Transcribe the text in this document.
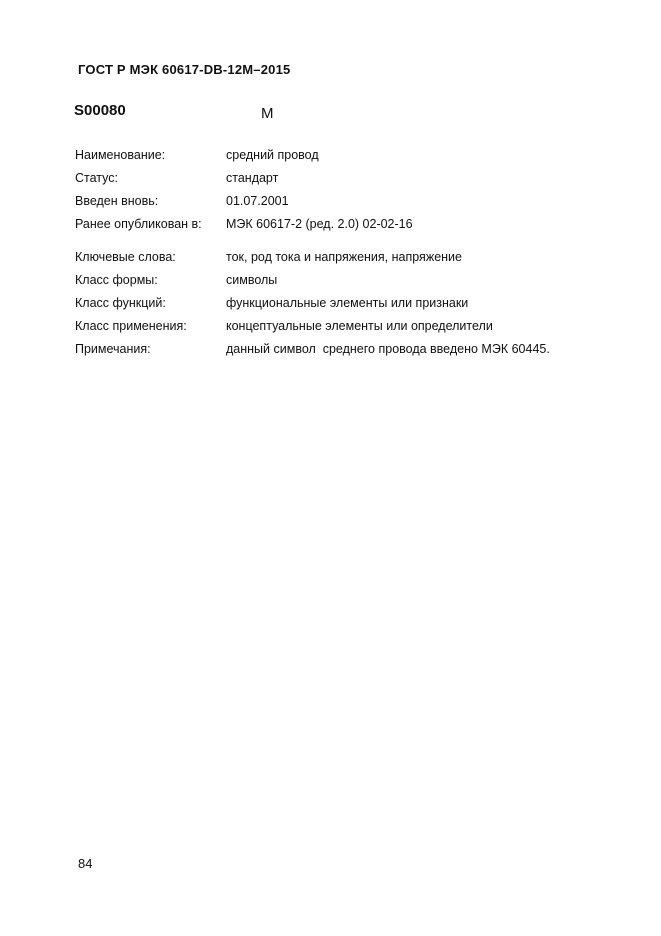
ГОСТ Р МЭК 60617-DB-12M–2015
S00080	M
Наименование:	средний провод
Статус:	стандарт
Введен вновь:	01.07.2001
Ранее опубликован в: МЭК 60617-2 (ред. 2.0) 02-02-16
Ключевые слова:	ток, род тока и напряжения, напряжение
Класс формы:	символы
Класс функций:	функциональные элементы или признаки
Класс применения:	концептуальные элементы или определители
Примечания:	данный символ  среднего провода введено МЭК 60445.
84
